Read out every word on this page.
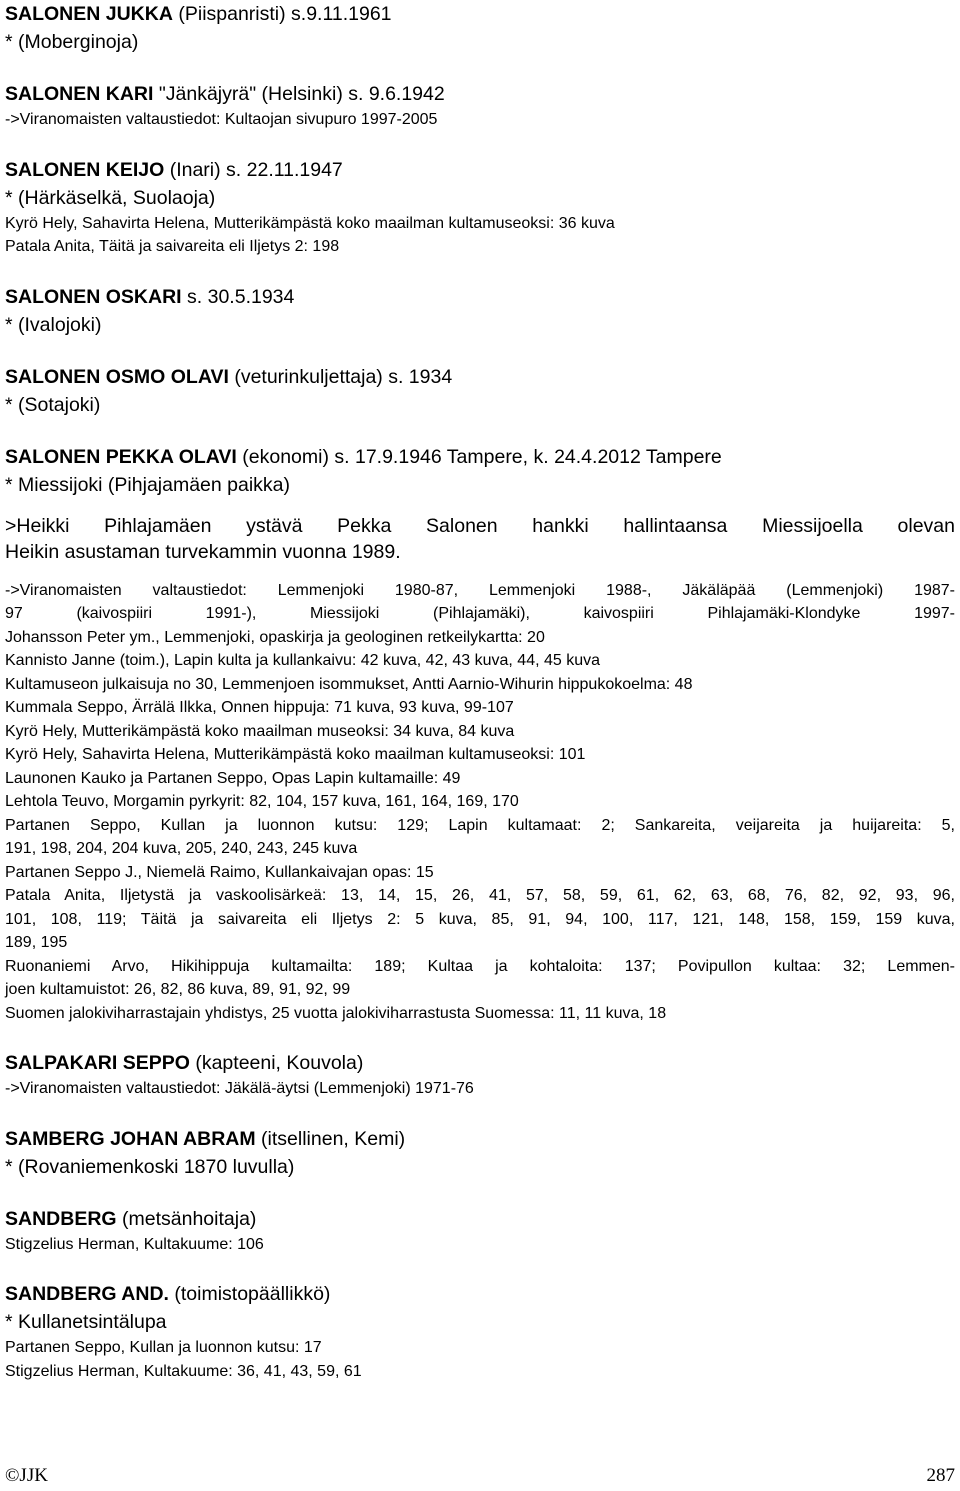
SALONEN JUKKA (Piispanristi) s.9.11.1961
* (Moberginoja)
SALONEN KARI "Jänkäjyrä" (Helsinki) s. 9.6.1942
->Viranomaisten valtaustiedot: Kultaojan sivupuro 1997-2005
SALONEN KEIJO (Inari) s. 22.11.1947
* (Härkäselkä, Suolaoja)
Kyrö Hely, Sahavirta Helena, Mutterikämpästä koko maailman kultamuseoksi: 36 kuva
Patala Anita, Täitä ja saivareita eli Iljetys 2: 198
SALONEN OSKARI s. 30.5.1934
* (Ivalojoki)
SALONEN OSMO OLAVI (veturinkuljettaja) s. 1934
* (Sotajoki)
SALONEN PEKKA OLAVI (ekonomi) s. 17.9.1946 Tampere, k. 24.4.2012 Tampere
* Miessijoki (Pihjajamäen paikka)
>Heikki Pihlajamäen ystävä Pekka Salonen hankki hallintaansa Miessijoella olevan
Heikin asustaman turvekammin vuonna 1989.
->Viranomaisten valtaustiedot: Lemmenjoki 1980-87, Lemmenjoki 1988-, Jäkäläpää (Lemmenjoki) 1987-
97 (kaivospiiri 1991-), Miessijoki (Pihlajamäki), kaivospiiri Pihlajamäki-Klondyke 1997-
Johansson Peter ym., Lemmenjoki, opaskirja ja geologinen retkeilykartta: 20
Kannisto Janne (toim.), Lapin kulta ja kullankaivu: 42 kuva, 42, 43 kuva, 44, 45 kuva
Kultamuseon julkaisuja no 30, Lemmenjoen isommukset, Antti Aarnio-Wihurin hippukokoelma: 48
Kummala Seppo, Ärrälä Ilkka, Onnen hippuja: 71 kuva, 93 kuva, 99-107
Kyrö Hely, Mutterikämpästä koko maailman museoksi: 34 kuva, 84 kuva
Kyrö Hely, Sahavirta Helena, Mutterikämpästä koko maailman kultamuseoksi: 101
Launonen Kauko ja Partanen Seppo, Opas Lapin kultamaille: 49
Lehtola Teuvo, Morgamin pyrkyrit: 82, 104, 157 kuva, 161, 164, 169, 170
Partanen Seppo, Kullan ja luonnon kutsu: 129; Lapin kultamaat: 2; Sankareita, veijareita ja huijareita: 5,
191, 198, 204, 204 kuva, 205, 240, 243, 245 kuva
Partanen Seppo J., Niemelä Raimo, Kullankaivajan opas: 15
Patala Anita, Iljetystä ja vaskoolisärkeä: 13, 14, 15, 26, 41, 57, 58, 59, 61, 62, 63, 68, 76, 82, 92, 93, 96,
101, 108, 119; Täitä ja saivareita eli Iljetys 2: 5 kuva, 85, 91, 94, 100, 117, 121, 148, 158, 159, 159 kuva,
189, 195
Ruonaniemi Arvo, Hikihippuja kultamailta: 189; Kultaa ja kohtaloita: 137; Povipullon kultaa: 32; Lemmen-
joen kultamuistot: 26, 82, 86 kuva, 89, 91, 92, 99
Suomen jalokiviharrastajain yhdistys, 25 vuotta jalokiviharrastusta Suomessa: 11, 11 kuva, 18
SALPAKARI SEPPO (kapteeni, Kouvola)
->Viranomaisten valtaustiedot: Jäkälä-äytsi (Lemmenjoki) 1971-76
SAMBERG JOHAN ABRAM (itsellinen, Kemi)
* (Rovaniemenkoski 1870 luvulla)
SANDBERG (metsänhoitaja)
Stigzelius Herman, Kultakuume: 106
SANDBERG AND. (toimistopäällikkö)
* Kullanetsintälupa
Partanen Seppo, Kullan ja luonnon kutsu: 17
Stigzelius Herman, Kultakuume: 36, 41, 43, 59, 61
©JJK	287
